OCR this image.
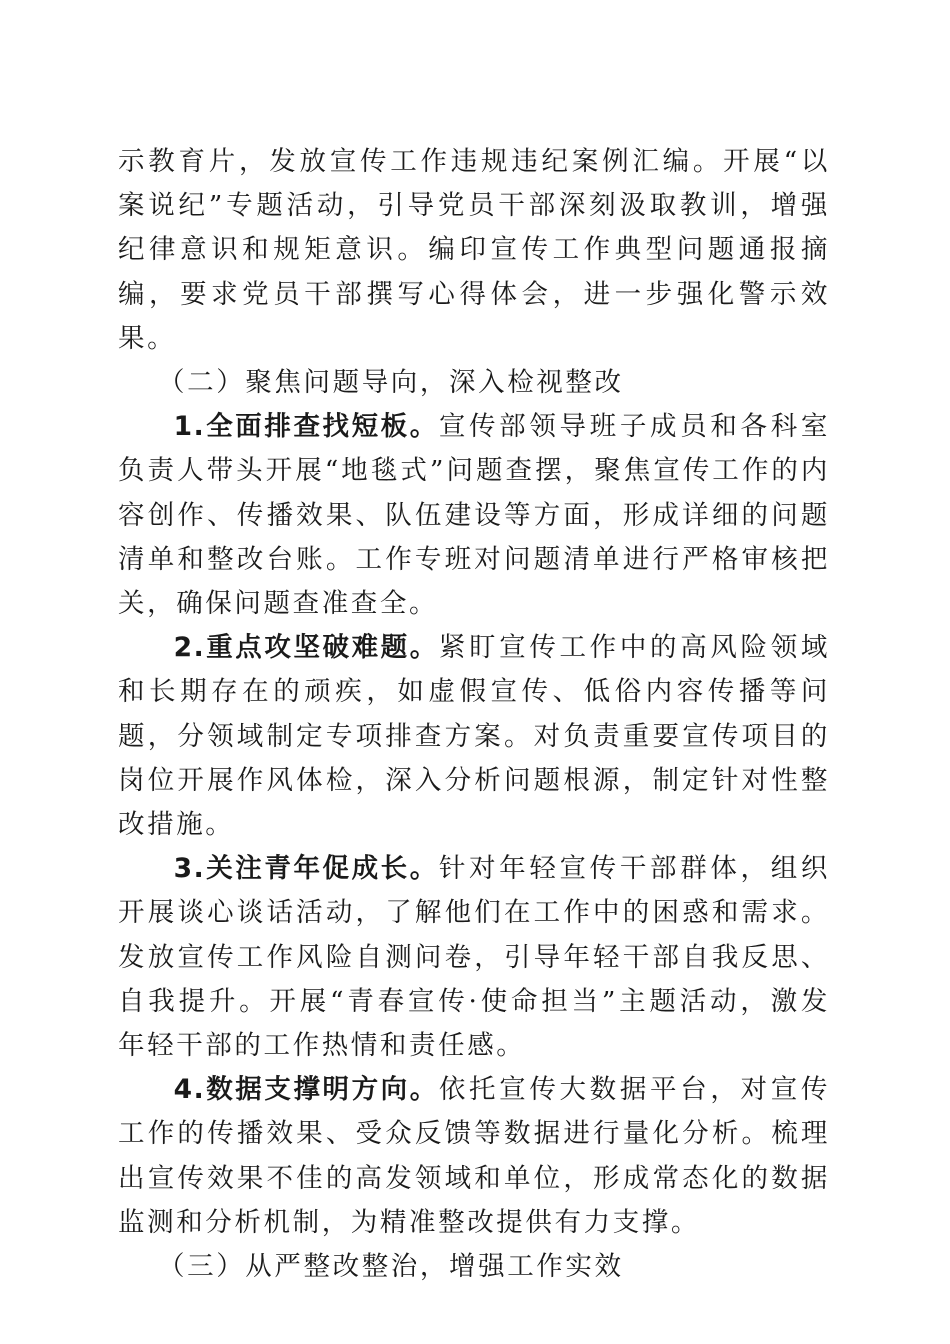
示教育片，发放宣传工作违规违纪案例汇编。开展“以案说纪”专题活动，引导党员干部深刻汲取教训，增强纪律意识和规矩意识。编印宣传工作典型问题通报摘编，要求党员干部撰写心得体会，进一步强化警示效果。

（二）聚焦问题导向，深入检视整改

1.全面排查找短板。宣传部领导班子成员和各科室负责人带头开展“地毯式”问题查摆，聚焦宣传工作的内容创作、传播效果、队伍建设等方面，形成详细的问题清单和整改台账。工作专班对问题清单进行严格审核把关，确保问题查准查全。

2.重点攻坚破难题。紧盯宣传工作中的高风险领域和长期存在的顽疾，如虚假宣传、低俗内容传播等问题，分领域制定专项排查方案。对负责重要宣传项目的岗位开展作风体检，深入分析问题根源，制定针对性整改措施。

3.关注青年促成长。针对年轻宣传干部群体，组织开展谈心谈话活动，了解他们在工作中的困惑和需求。发放宣传工作风险自测问卷，引导年轻干部自我反思、自我提升。开展“青春宣传·使命担当”主题活动，激发年轻干部的工作热情和责任感。

4.数据支撑明方向。依托宣传大数据平台，对宣传工作的传播效果、受众反馈等数据进行量化分析。梳理出宣传效果不佳的高发领域和单位，形成常态化的数据监测和分析机制，为精准整改提供有力支撑。

（三）从严整改整治，增强工作实效
